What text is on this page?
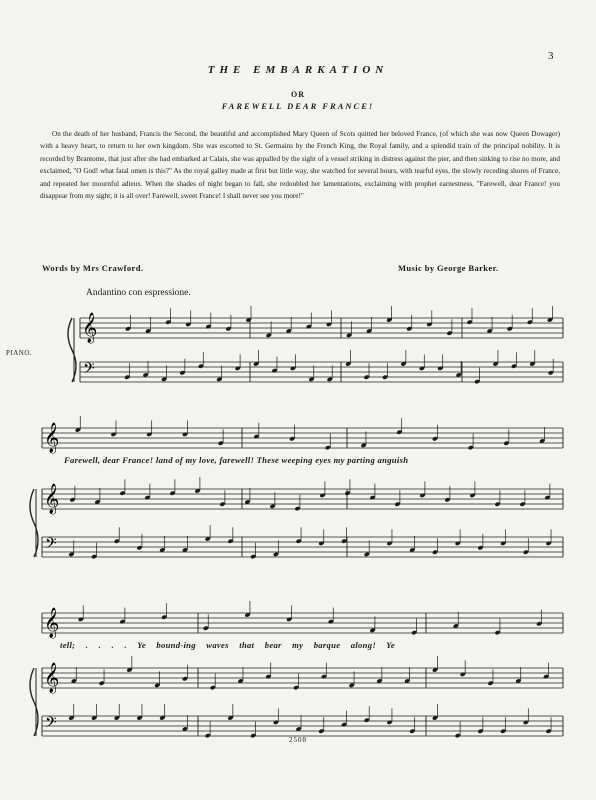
3
THE EMBARKATION
OR
FAREWELL DEAR FRANCE!
On the death of her husband, Francis the Second, the beautiful and accomplished Mary Queen of Scots quitted her beloved France, (of which she was now Queen Dowager) with a heavy heart, to return to her own kingdom. She was escorted to St. Germains by the French King, the Royal family, and a splendid train of the principal nobility. It is recorded by Brantome, that just after she had embarked at Calais, she was appalled by the sight of a vessel striking in distress against the pier, and then sinking to rise no more, and exclaimed, "O God! what fatal omen is this?" As the royal galley made at first but little way, she watched for several hours, with tearful eyes, the slowly receding shores of France, and repeated her mournful adieux. When the shades of night began to fall, she redoubled her lamentations, exclaiming with prophet earnestness, "Farewell, dear France! you disappear from my sight; it is all over! Farewell, sweet France! I shall never see you more!"
Words by Mrs Crawford.	Music by George Barker.
Andantino con espressione.
PIANO.
Farewell, dear France! land of my love, farewell! These weeping eyes my parting anguish
tell; . . . . Ye bound-ing waves that bear my barque along! Ye
2508
𝄞
𝄢
𝄞
𝄞
𝄢
𝄞
𝄞
𝄢
